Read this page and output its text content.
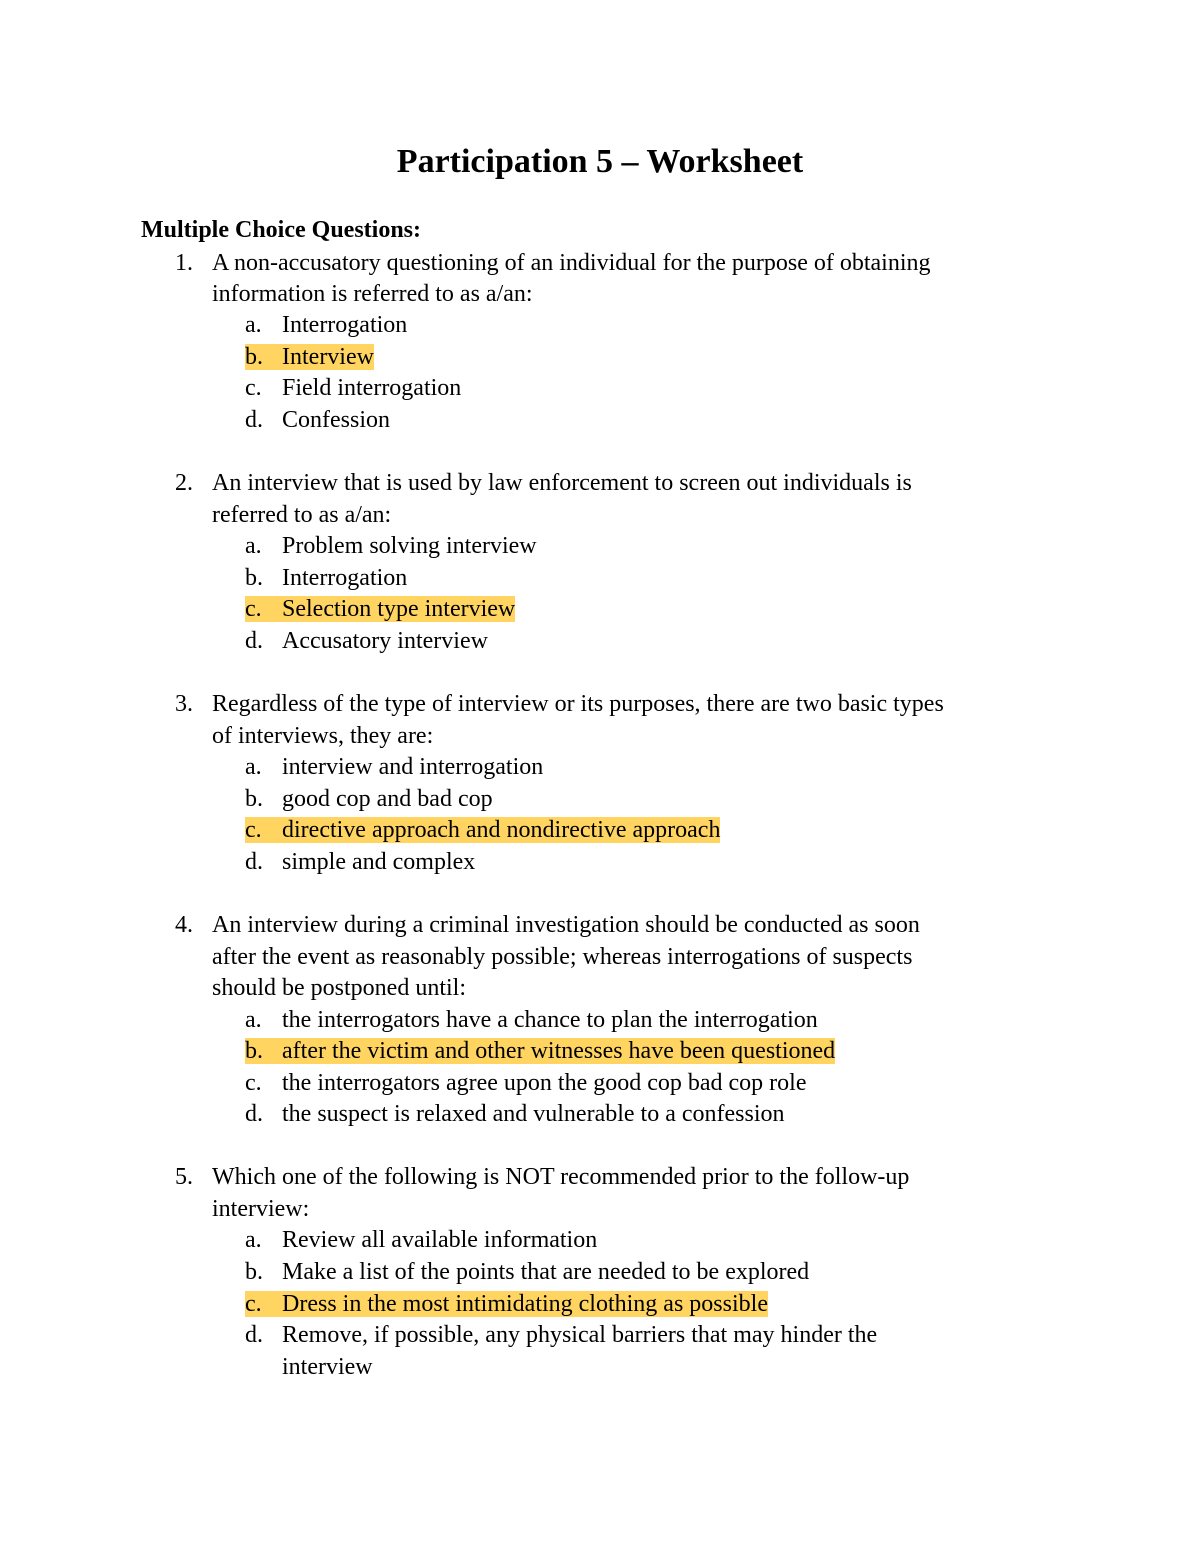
Participation 5 – Worksheet
Multiple Choice Questions:
1. A non-accusatory questioning of an individual for the purpose of obtaining
information is referred to as a/an:
a. Interrogation
b. Interview
c. Field interrogation
d. Confession
2. An interview that is used by law enforcement to screen out individuals is
referred to as a/an:
a. Problem solving interview
b. Interrogation
c. Selection type interview
d. Accusatory interview
3. Regardless of the type of interview or its purposes, there are two basic types
of interviews, they are:
a. interview and interrogation
b. good cop and bad cop
c. directive approach and nondirective approach
d. simple and complex
4. An interview during a criminal investigation should be conducted as soon
after the event as reasonably possible; whereas interrogations of suspects
should be postponed until:
a. the interrogators have a chance to plan the interrogation
b. after the victim and other witnesses have been questioned
c. the interrogators agree upon the good cop bad cop role
d. the suspect is relaxed and vulnerable to a confession
5. Which one of the following is NOT recommended prior to the follow-up
interview:
a. Review all available information
b. Make a list of the points that are needed to be explored
c. Dress in the most intimidating clothing as possible
d. Remove, if possible, any physical barriers that may hinder the
interview
